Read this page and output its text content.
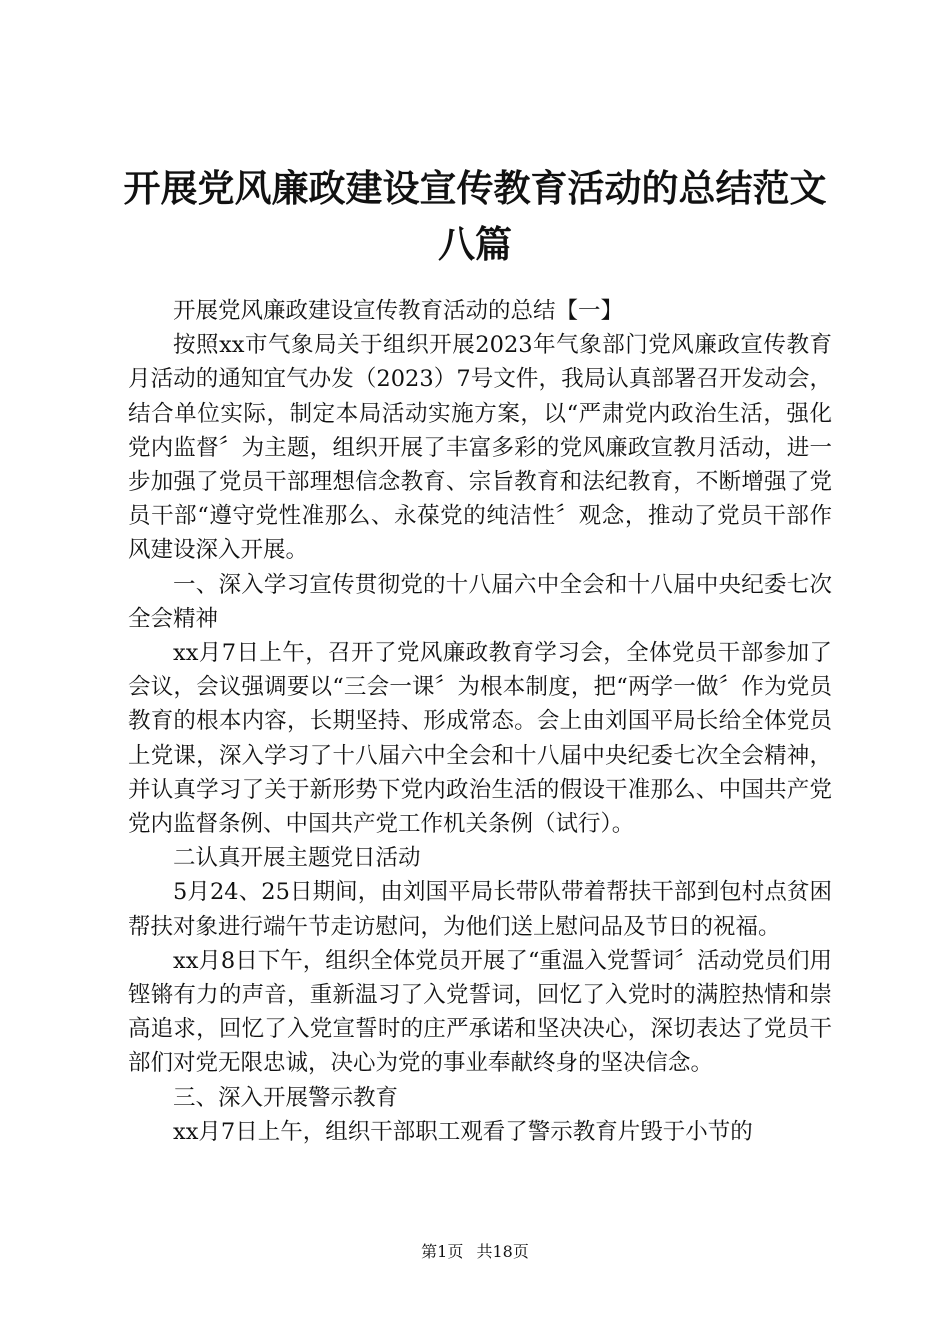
开展党风廉政建设宣传教育活动的总结范文八篇

开展党风廉政建设宣传教育活动的总结【一】

按照xx市气象局关于组织开展2023年气象部门党风廉政宣传教育月活动的通知宜气办发（2023）7号文件，我局认真部署召开发动会，结合单位实际，制定本局活动实施方案，以“严肃党内政治生活，强化党内监督〞为主题，组织开展了丰富多彩的党风廉政宣教月活动，进一步加强了党员干部理想信念教育、宗旨教育和法纪教育，不断增强了党员干部“遵守党性准那么、永葆党的纯洁性〞观念，推动了党员干部作风建设深入开展。

一、深入学习宣传贯彻党的十八届六中全会和十八届中央纪委七次全会精神

xx月7日上午，召开了党风廉政教育学习会，全体党员干部参加了会议，会议强调要以“三会一课〞为根本制度，把“两学一做〞作为党员教育的根本内容，长期坚持、形成常态。会上由刘国平局长给全体党员上党课，深入学习了十八届六中全会和十八届中央纪委七次全会精神，并认真学习了关于新形势下党内政治生活的假设干准那么、中国共产党党内监督条例、中国共产党工作机关条例（试行）。

二认真开展主题党日活动

5月24、25日期间，由刘国平局长带队带着帮扶干部到包村点贫困帮扶对象进行端午节走访慰问，为他们送上慰问品及节日的祝福。

xx月8日下午，组织全体党员开展了“重温入党誓词〞活动党员们用铿锵有力的声音，重新温习了入党誓词，回忆了入党时的满腔热情和崇高追求，回忆了入党宣誓时的庄严承诺和坚决决心，深切表达了党员干部们对党无限忠诚，决心为党的事业奉献终身的坚决信念。

三、深入开展警示教育

xx月7日上午，组织干部职工观看了警示教育片毁于小节的

第1页 共18页
